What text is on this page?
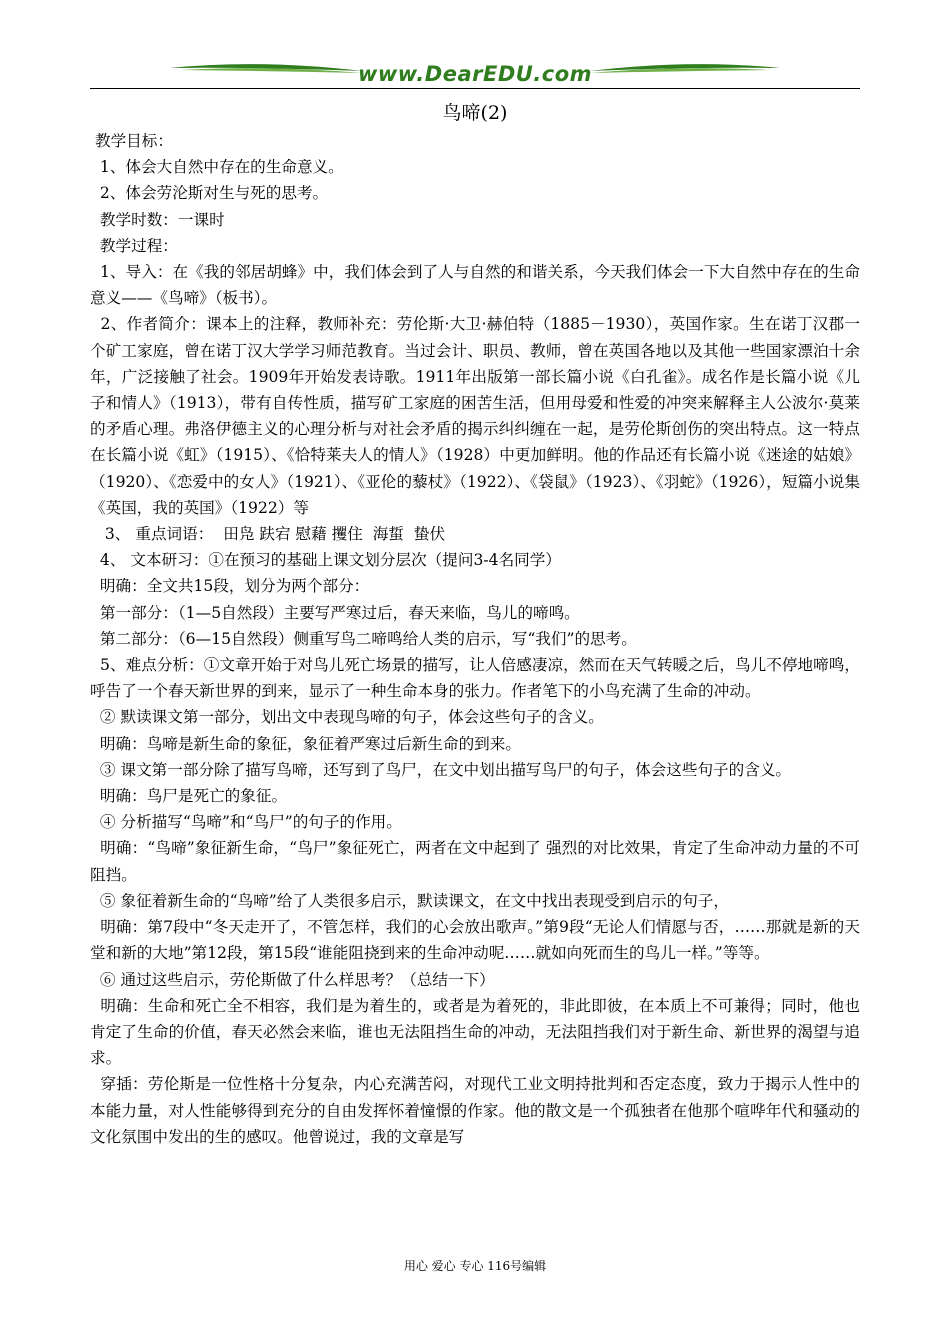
www.DearEDU.com
鸟啼(2)

教学目标：

1、体会大自然中存在的生命意义。

2、体会劳沦斯对生与死的思考。

教学时数：一课时

教学过程：

1、导入：在《我的邻居胡蜂》中，我们体会到了人与自然的和谐关系，今天我们体会一下大自然中存在的生命意义——《鸟啼》（板书）。

2、作者简介：课本上的注释，教师补充：劳伦斯·大卫·赫伯特（1885－1930），英国作家。生在诺丁汉郡一个矿工家庭，曾在诺丁汉大学学习师范教育。当过会计、职员、教师，曾在英国各地以及其他一些国家漂泊十余年，广泛接触了社会。1909年开始发表诗歌。1911年出版第一部长篇小说《白孔雀》。成名作是长篇小说《儿子和情人》（1913），带有自传性质，描写矿工家庭的困苦生活，但用母爱和性爱的冲突来解释主人公波尔·莫莱的矛盾心理。弗洛伊德主义的心理分析与对社会矛盾的揭示纠纠缠在一起，是劳伦斯创伤的突出特点。这一特点在长篇小说《虹》（1915）、《恰特莱夫人的情人》（1928）中更加鲜明。他的作品还有长篇小说《迷途的姑娘》（1920）、《恋爱中的女人》（1921）、《亚伦的藜杖》（1922）、《袋鼠》（1923）、《羽蛇》（1926），短篇小说集《英国，我的英国》（1922）等

3、 重点词语：  田凫 趺宕 慰藉 攫住  海蜇  蛰伏

4、 文本研习：①在预习的基础上课文划分层次（提问3-4名同学）

明确：全文共15段，划分为两个部分：

第一部分：（1—5自然段）主要写严寒过后，春天来临，鸟儿的啼鸣。

第二部分：（6—15自然段）侧重写鸟二啼鸣给人类的启示，写“我们”的思考。

5、难点分析：①文章开始于对鸟儿死亡场景的描写，让人倍感凄凉，然而在天气转暖之后，鸟儿不停地啼鸣，呼告了一个春天新世界的到来，显示了一种生命本身的张力。作者笔下的小鸟充满了生命的冲动。

② 默读课文第一部分，划出文中表现鸟啼的句子，体会这些句子的含义。

明确：鸟啼是新生命的象征，象征着严寒过后新生命的到来。

③ 课文第一部分除了描写鸟啼，还写到了鸟尸，在文中划出描写鸟尸的句子，体会这些句子的含义。

明确：鸟尸是死亡的象征。

④ 分析描写“鸟啼”和“鸟尸”的句子的作用。

明确：“鸟啼”象征新生命，“鸟尸”象征死亡，两者在文中起到了 强烈的对比效果，肯定了生命冲动力量的不可阻挡。

⑤ 象征着新生命的“鸟啼”给了人类很多启示，默读课文，在文中找出表现受到启示的句子，

明确：第7段中“冬天走开了，不管怎样，我们的心会放出歌声。”第9段“无论人们情愿与否，……那就是新的天堂和新的大地”第12段，第15段“谁能阻挠到来的生命冲动呢……就如向死而生的鸟儿一样。”等等。

⑥ 通过这些启示，劳伦斯做了什么样思考？（总结一下）

明确：生命和死亡全不相容，我们是为着生的，或者是为着死的，非此即彼，在本质上不可兼得；同时，他也肯定了生命的价值，春天必然会来临，谁也无法阻挡生命的冲动，无法阻挡我们对于新生命、新世界的渴望与追求。

穿插：劳伦斯是一位性格十分复杂，内心充满苦闷，对现代工业文明持批判和否定态度，致力于揭示人性中的本能力量，对人性能够得到充分的自由发挥怀着憧憬的作家。他的散文是一个孤独者在他那个喧哗年代和骚动的文化氛围中发出的生的感叹。他曾说过，我的文章是写

用心 爱心 专心 116号编辑
